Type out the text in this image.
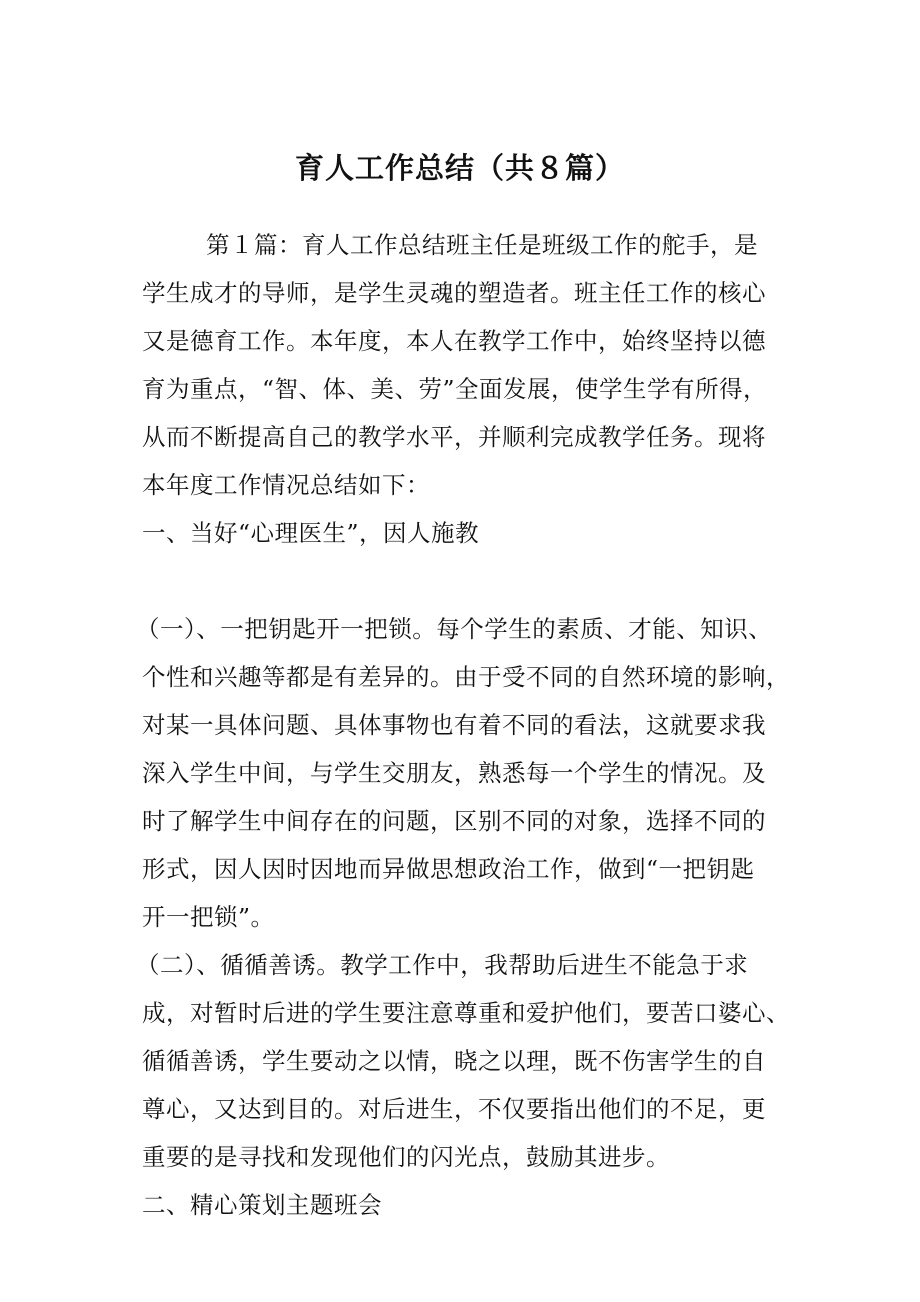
育人工作总结（共８篇）
第１篇：育人工作总结班主任是班级工作的舵手，是
学生成才的导师，是学生灵魂的塑造者。班主任工作的核心
又是德育工作。本年度，本人在教学工作中，始终坚持以德
育为重点，“智、体、美、劳”全面发展，使学生学有所得，
从而不断提高自己的教学水平，并顺利完成教学任务。现将
本年度工作情况总结如下：
一、当好“心理医生”，因人施教
（一）、一把钥匙开一把锁。每个学生的素质、才能、知识、
个性和兴趣等都是有差异的。由于受不同的自然环境的影响，
对某一具体问题、具体事物也有着不同的看法，这就要求我
深入学生中间，与学生交朋友，熟悉每一个学生的情况。及
时了解学生中间存在的问题，区别不同的对象，选择不同的
形式，因人因时因地而异做思想政治工作，做到“一把钥匙
开一把锁”。
（二）、循循善诱。教学工作中，我帮助后进生不能急于求
成，对暂时后进的学生要注意尊重和爱护他们，要苦口婆心、
循循善诱，学生要动之以情，晓之以理，既不伤害学生的自
尊心，又达到目的。对后进生，不仅要指出他们的不足，更
重要的是寻找和发现他们的闪光点，鼓励其进步。
二、精心策划主题班会
